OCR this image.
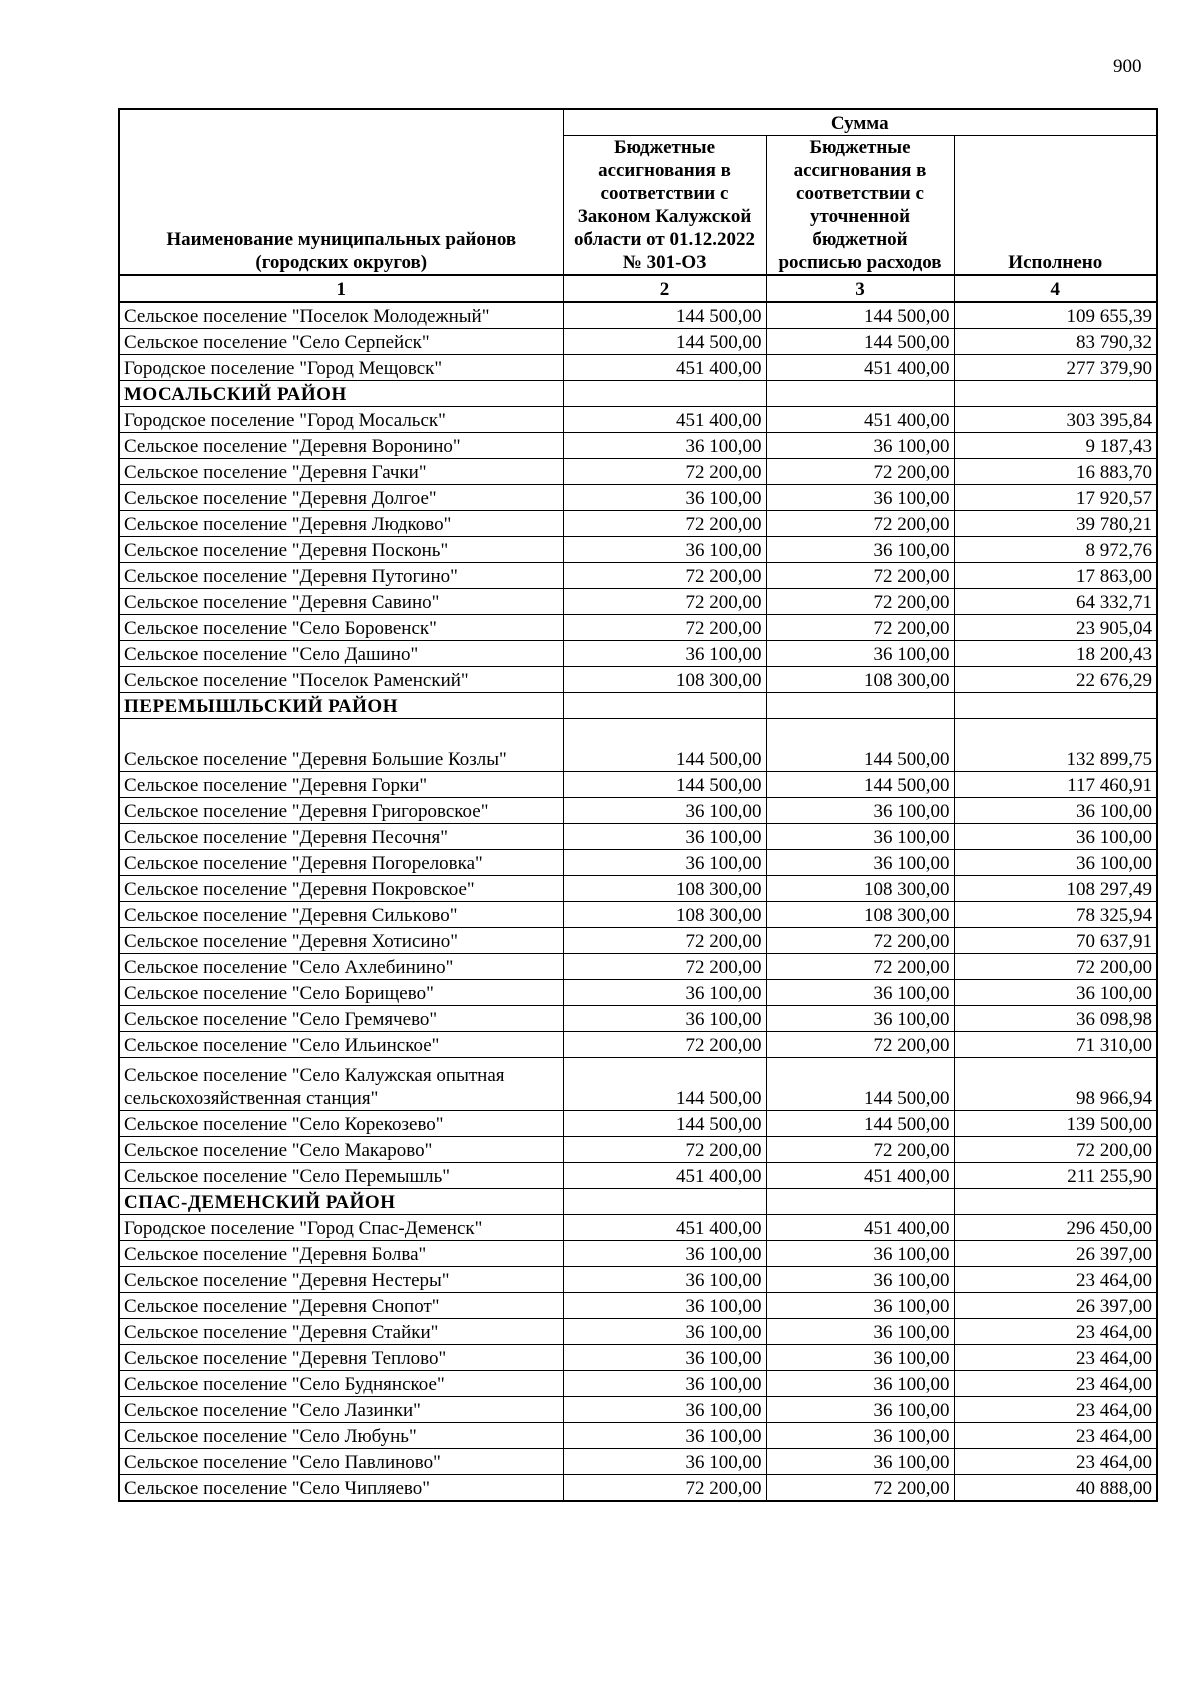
900
Наименование муниципальных районов (городских округов)	Сумма		
	Бюджетные ассигнования в соответствии с Законом Калужской области от 01.12.2022 № 301-ОЗ	Бюджетные ассигнования в соответствии с уточненной бюджетной росписью расходов	Исполнено
1	2	3	4
Сельское поселение "Поселок Молодежный"	144 500,00	144 500,00	109 655,39
Сельское поселение "Село Серпейск"	144 500,00	144 500,00	83 790,32
Городское поселение "Город Мещовск"	451 400,00	451 400,00	277 379,90
МОСАЛЬСКИЙ РАЙОН			
Городское поселение "Город Мосальск"	451 400,00	451 400,00	303 395,84
Сельское поселение "Деревня Воронино"	36 100,00	36 100,00	9 187,43
Сельское поселение "Деревня Гачки"	72 200,00	72 200,00	16 883,70
Сельское поселение "Деревня Долгое"	36 100,00	36 100,00	17 920,57
Сельское поселение "Деревня Людково"	72 200,00	72 200,00	39 780,21
Сельское поселение "Деревня Посконь"	36 100,00	36 100,00	8 972,76
Сельское поселение "Деревня Путогино"	72 200,00	72 200,00	17 863,00
Сельское поселение "Деревня Савино"	72 200,00	72 200,00	64 332,71
Сельское поселение "Село Боровенск"	72 200,00	72 200,00	23 905,04
Сельское поселение "Село Дашино"	36 100,00	36 100,00	18 200,43
Сельское поселение "Поселок Раменский"	108 300,00	108 300,00	22 676,29
ПЕРЕМЫШЛЬСКИЙ РАЙОН			
Сельское поселение "Деревня Большие Козлы"	144 500,00	144 500,00	132 899,75
Сельское поселение "Деревня Горки"	144 500,00	144 500,00	117 460,91
Сельское поселение "Деревня Григоровское"	36 100,00	36 100,00	36 100,00
Сельское поселение "Деревня Песочня"	36 100,00	36 100,00	36 100,00
Сельское поселение "Деревня Погореловка"	36 100,00	36 100,00	36 100,00
Сельское поселение "Деревня Покровское"	108 300,00	108 300,00	108 297,49
Сельское поселение "Деревня Силькoво"	108 300,00	108 300,00	78 325,94
Сельское поселение "Деревня Хотисино"	72 200,00	72 200,00	70 637,91
Сельское поселение "Село Ахлебинино"	72 200,00	72 200,00	72 200,00
Сельское поселение "Село Борищево"	36 100,00	36 100,00	36 100,00
Сельское поселение "Село Гремячево"	36 100,00	36 100,00	36 098,98
Сельское поселение "Село Ильинское"	72 200,00	72 200,00	71 310,00
Сельское поселение "Село Калужская опытная сельскохозяйственная станция"	144 500,00	144 500,00	98 966,94
Сельское поселение "Село Корекозево"	144 500,00	144 500,00	139 500,00
Сельское поселение "Село Макарово"	72 200,00	72 200,00	72 200,00
Сельское поселение "Село Перемышль"	451 400,00	451 400,00	211 255,90
СПАС-ДЕМЕНСКИЙ РАЙОН			
Городское поселение "Город Спас-Деменск"	451 400,00	451 400,00	296 450,00
Сельское поселение "Деревня Болва"	36 100,00	36 100,00	26 397,00
Сельское поселение "Деревня Нестеры"	36 100,00	36 100,00	23 464,00
Сельское поселение "Деревня Снопот"	36 100,00	36 100,00	26 397,00
Сельское поселение "Деревня Стайки"	36 100,00	36 100,00	23 464,00
Сельское поселение "Деревня Теплово"	36 100,00	36 100,00	23 464,00
Сельское поселение "Село Буднянское"	36 100,00	36 100,00	23 464,00
Сельское поселение "Село Лазинки"	36 100,00	36 100,00	23 464,00
Сельское поселение "Село Любунь"	36 100,00	36 100,00	23 464,00
Сельское поселение "Село Павлиново"	36 100,00	36 100,00	23 464,00
Сельское поселение "Село Чипляево"	72 200,00	72 200,00	40 888,00
